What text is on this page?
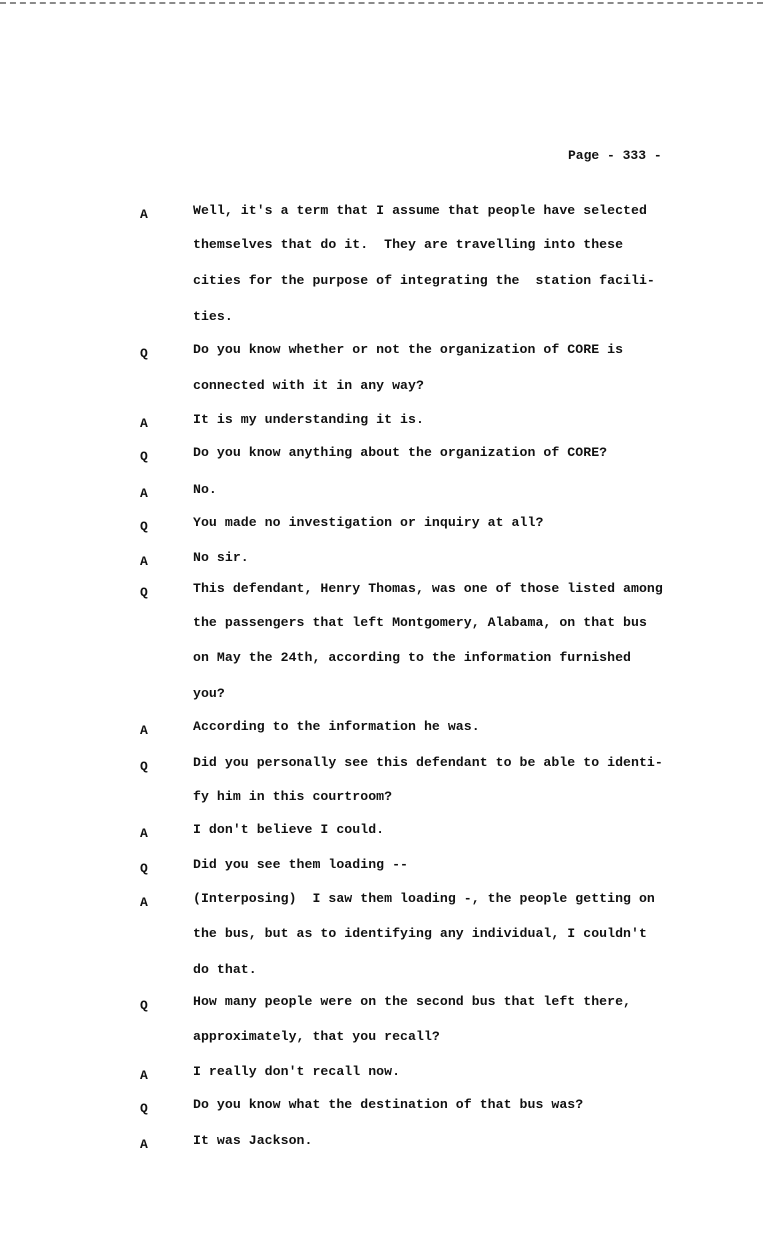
Page - 333 -
A	Well, it's a term that I assume that people have selected
themselves that do it.  They are travelling into these
cities for the purpose of integrating the  station facili-
ties.
Q	Do you know whether or not the organization of CORE is
connected with it in any way?
A	It is my understanding it is.
Q	Do you know anything about the organization of CORE?
A	No.
Q	You made no investigation or inquiry at all?
A	No sir.
Q	This defendant, Henry Thomas, was one of those listed among
the passengers that left Montgomery, Alabama, on that bus
on May the 24th, according to the information furnished
you?
A	According to the information he was.
Q	Did you personally see this defendant to be able to identi-
fy him in this courtroom?
A	I don't believe I could.
Q	Did you see them loading --
A	(Interposing)  I saw them loading -, the people getting on
the bus, but as to identifying any individual, I couldn't
do that.
Q	How many people were on the second bus that left there,
approximately, that you recall?
A	I really don't recall now.
Q	Do you know what the destination of that bus was?
A	It was Jackson.
